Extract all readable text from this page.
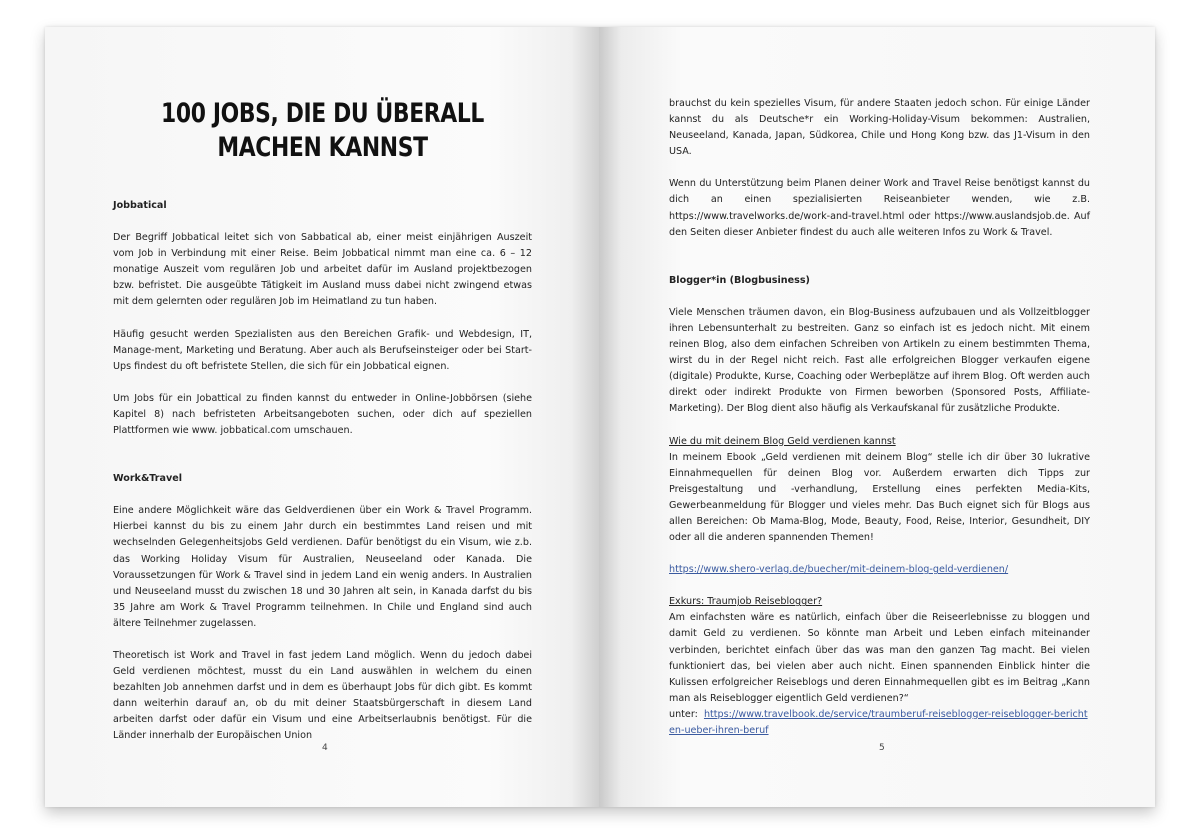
100 JOBS, DIE DU ÜBERALL
MACHEN KANNST

Jobbatical

Der Begriff Jobbatical leitet sich von Sabbatical ab, einer meist einjährigen Auszeit vom Job in Verbindung mit einer Reise. Beim Jobbatical nimmt man eine ca. 6 – 12 monatige Auszeit vom regulären Job und arbeitet dafür im Ausland projektbezogen bzw. befristet. Die ausgeübte Tätigkeit im Ausland muss dabei nicht zwingend etwas mit dem gelernten oder regulären Job im Heimatland zu tun haben.

Häufig gesucht werden Spezialisten aus den Bereichen Grafik- und Webdesign, IT, Manage-ment, Marketing und Beratung. Aber auch als Berufseinsteiger oder bei Start-Ups findest du oft befristete Stellen, die sich für ein Jobbatical eignen.

Um Jobs für ein Jobattical zu finden kannst du entweder in Online-Jobbörsen (siehe Kapitel 8) nach befristeten Arbeitsangeboten suchen, oder dich auf speziellen Plattformen wie www. jobbatical.com umschauen.

Work&Travel

Eine andere Möglichkeit wäre das Geldverdienen über ein Work & Travel Programm. Hierbei kannst du bis zu einem Jahr durch ein bestimmtes Land reisen und mit wechselnden Gelegenheitsjobs Geld verdienen. Dafür benötigst du ein Visum, wie z.b. das Working Holiday Visum für Australien, Neuseeland oder Kanada. Die Voraussetzungen für Work & Travel sind in jedem Land ein wenig anders. In Australien und Neuseeland musst du zwischen 18 und 30 Jahren alt sein, in Kanada darfst du bis 35 Jahre am Work & Travel Programm teilnehmen. In Chile und England sind auch ältere Teilnehmer zugelassen.

Theoretisch ist Work and Travel in fast jedem Land möglich. Wenn du jedoch dabei Geld verdienen möchtest, musst du ein Land auswählen in welchem du einen bezahlten Job annehmen darfst und in dem es überhaupt Jobs für dich gibt. Es kommt dann weiterhin darauf an, ob du mit deiner Staatsbürgerschaft in diesem Land arbeiten darfst oder dafür ein Visum und eine Arbeitserlaubnis benötigst. Für die Länder innerhalb der Europäischen Union

4

brauchst du kein spezielles Visum, für andere Staaten jedoch schon. Für einige Länder kannst du als Deutsche*r ein Working-Holiday-Visum bekommen: Australien, Neuseeland, Kanada, Japan, Südkorea, Chile und Hong Kong bzw. das J1-Visum in den USA.

Wenn du Unterstützung beim Planen deiner Work and Travel Reise benötigst kannst du dich an einen spezialisierten Reiseanbieter wenden, wie z.B. https://www.travelworks.de/work-and-travel.html oder https://www.auslandsjob.de. Auf den Seiten dieser Anbieter findest du auch alle weiteren Infos zu Work & Travel.

Blogger*in (Blogbusiness)

Viele Menschen träumen davon, ein Blog-Business aufzubauen und als Vollzeitblogger ihren Lebensunterhalt zu bestreiten. Ganz so einfach ist es jedoch nicht. Mit einem reinen Blog, also dem einfachen Schreiben von Artikeln zu einem bestimmten Thema, wirst du in der Regel nicht reich. Fast alle erfolgreichen Blogger verkaufen eigene (digitale) Produkte, Kurse, Coaching oder Werbeplätze auf ihrem Blog. Oft werden auch direkt oder indirekt Produkte von Firmen beworben (Sponsored Posts, Affiliate-Marketing). Der Blog dient also häufig als Verkaufskanal für zusätzliche Produkte.

Wie du mit deinem Blog Geld verdienen kannst

In meinem Ebook „Geld verdienen mit deinem Blog“ stelle ich dir über 30 lukrative Einnahmequellen für deinen Blog vor. Außerdem erwarten dich Tipps zur Preisgestaltung und -verhandlung, Erstellung eines perfekten Media-Kits, Gewerbeanmeldung für Blogger und vieles mehr. Das Buch eignet sich für Blogs aus allen Bereichen: Ob Mama-Blog, Mode, Beauty, Food, Reise, Interior, Gesundheit, DIY oder all die anderen spannenden Themen!

https://www.shero-verlag.de/buecher/mit-deinem-blog-geld-verdienen/

Exkurs: Traumjob Reiseblogger?

Am einfachsten wäre es natürlich, einfach über die Reiseerlebnisse zu bloggen und damit Geld zu verdienen. So könnte man Arbeit und Leben einfach miteinander verbinden, berichtet einfach über das was man den ganzen Tag macht. Bei vielen funktioniert das, bei vielen aber auch nicht. Einen spannenden Einblick hinter die Kulissen erfolgreicher Reiseblogs und deren Einnahmequellen gibt es im Beitrag „Kann man als Reiseblogger eigentlich Geld verdienen?“

unter: https://www.travelbook.de/service/traumberuf-reiseblogger-reiseblogger-berichten-ueber-ihren-beruf

5
